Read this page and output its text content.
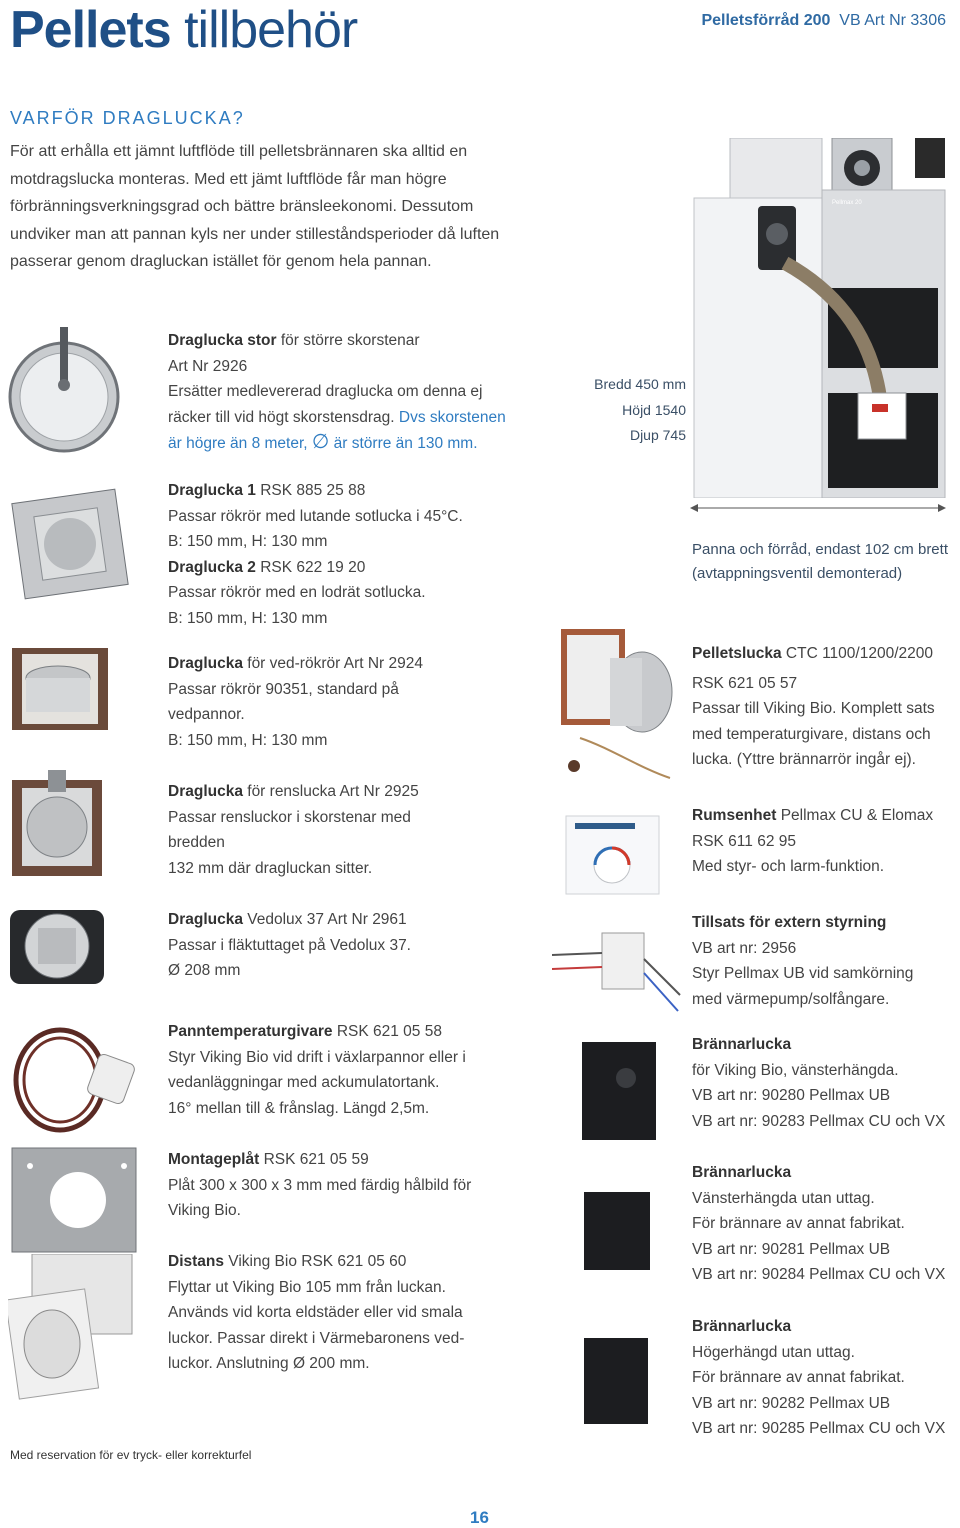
Pellets tillbehör	Pelletsförråd 200 VB Art Nr 3306
VARFÖR DRAGLUCKA?
För att erhålla ett jämnt luftflöde till pelletsbrännaren ska alltid en motdragslucka monteras. Med ett jämt luftflöde får man högre förbränningsverkningsgrad och bättre bränsleekonomi. Dessutom undviker man att pannan kyls ner under stilleståndsperioder då luften passerar genom dragluckan istället för genom hela pannan.
Draglucka stor för större skorstenar
Art Nr 2926
Ersätter medlevererad draglucka om denna ej
räcker till vid högt skorstensdrag. Dvs skorstenen
är högre än 8 meter, ∅ är större än 130 mm.
Draglucka 1 RSK 885 25 88
Passar rökrör med lutande sotlucka i 45°C.
B: 150 mm, H: 130 mm
Draglucka 2 RSK 622 19 20
Passar rökrör med en lodrät sotlucka.
B: 150 mm, H: 130 mm
Draglucka för ved-rökrör Art Nr 2924
Passar rökrör 90351, standard på
vedpannor.
B: 150 mm, H: 130 mm
Draglucka för renslucka Art Nr 2925
Passar rensluckor i skorstenar med
bredden
132 mm där dragluckan sitter.
Draglucka Vedolux 37 Art Nr 2961
Passar i fläktuttaget på Vedolux 37.
Ø 208 mm
Panntemperaturgivare RSK 621 05 58
Styr Viking Bio vid drift i växlarpannor eller i
vedanläggningar med ackumulatortank.
16° mellan till & frånslag. Längd 2,5m.
Montageplåt RSK 621 05 59
Plåt 300 x 300 x 3 mm med färdig hålbild för
Viking Bio.
Distans Viking Bio RSK 621 05 60
Flyttar ut Viking Bio 105 mm från luckan.
Används vid korta eldstäder eller vid smala
luckor. Passar direkt i Värmebaronens ved-
luckor. Anslutning Ø 200 mm.
Bredd 450 mm
Höjd 1540
Djup 745
Pellmax 20
Panna och förråd, endast 102 cm brett
(avtappningsventil demonterad)
Pelletslucka CTC 1100/1200/2200
RSK 621 05 57
Passar till Viking Bio. Komplett sats
med temperaturgivare, distans och
lucka. (Yttre brännarrör ingår ej).
Rumsenhet Pellmax CU & Elomax
RSK 611 62 95
Med styr- och larm-funktion.
Tillsats för extern styrning
VB art nr: 2956
Styr Pellmax UB vid samkörning
med värmepump/solfångare.
Brännarlucka
för Viking Bio, vänsterhängda.
VB art nr: 90280 Pellmax UB
VB art nr: 90283 Pellmax CU och VX
Brännarlucka
Vänsterhängda utan uttag.
För brännare av annat fabrikat.
VB art nr: 90281 Pellmax UB
VB art nr: 90284 Pellmax CU och VX
Brännarlucka
Högerhängd utan uttag.
För brännare av annat fabrikat.
VB art nr: 90282 Pellmax UB
VB art nr: 90285 Pellmax CU och VX
Med reservation för ev tryck- eller korrekturfel
16
